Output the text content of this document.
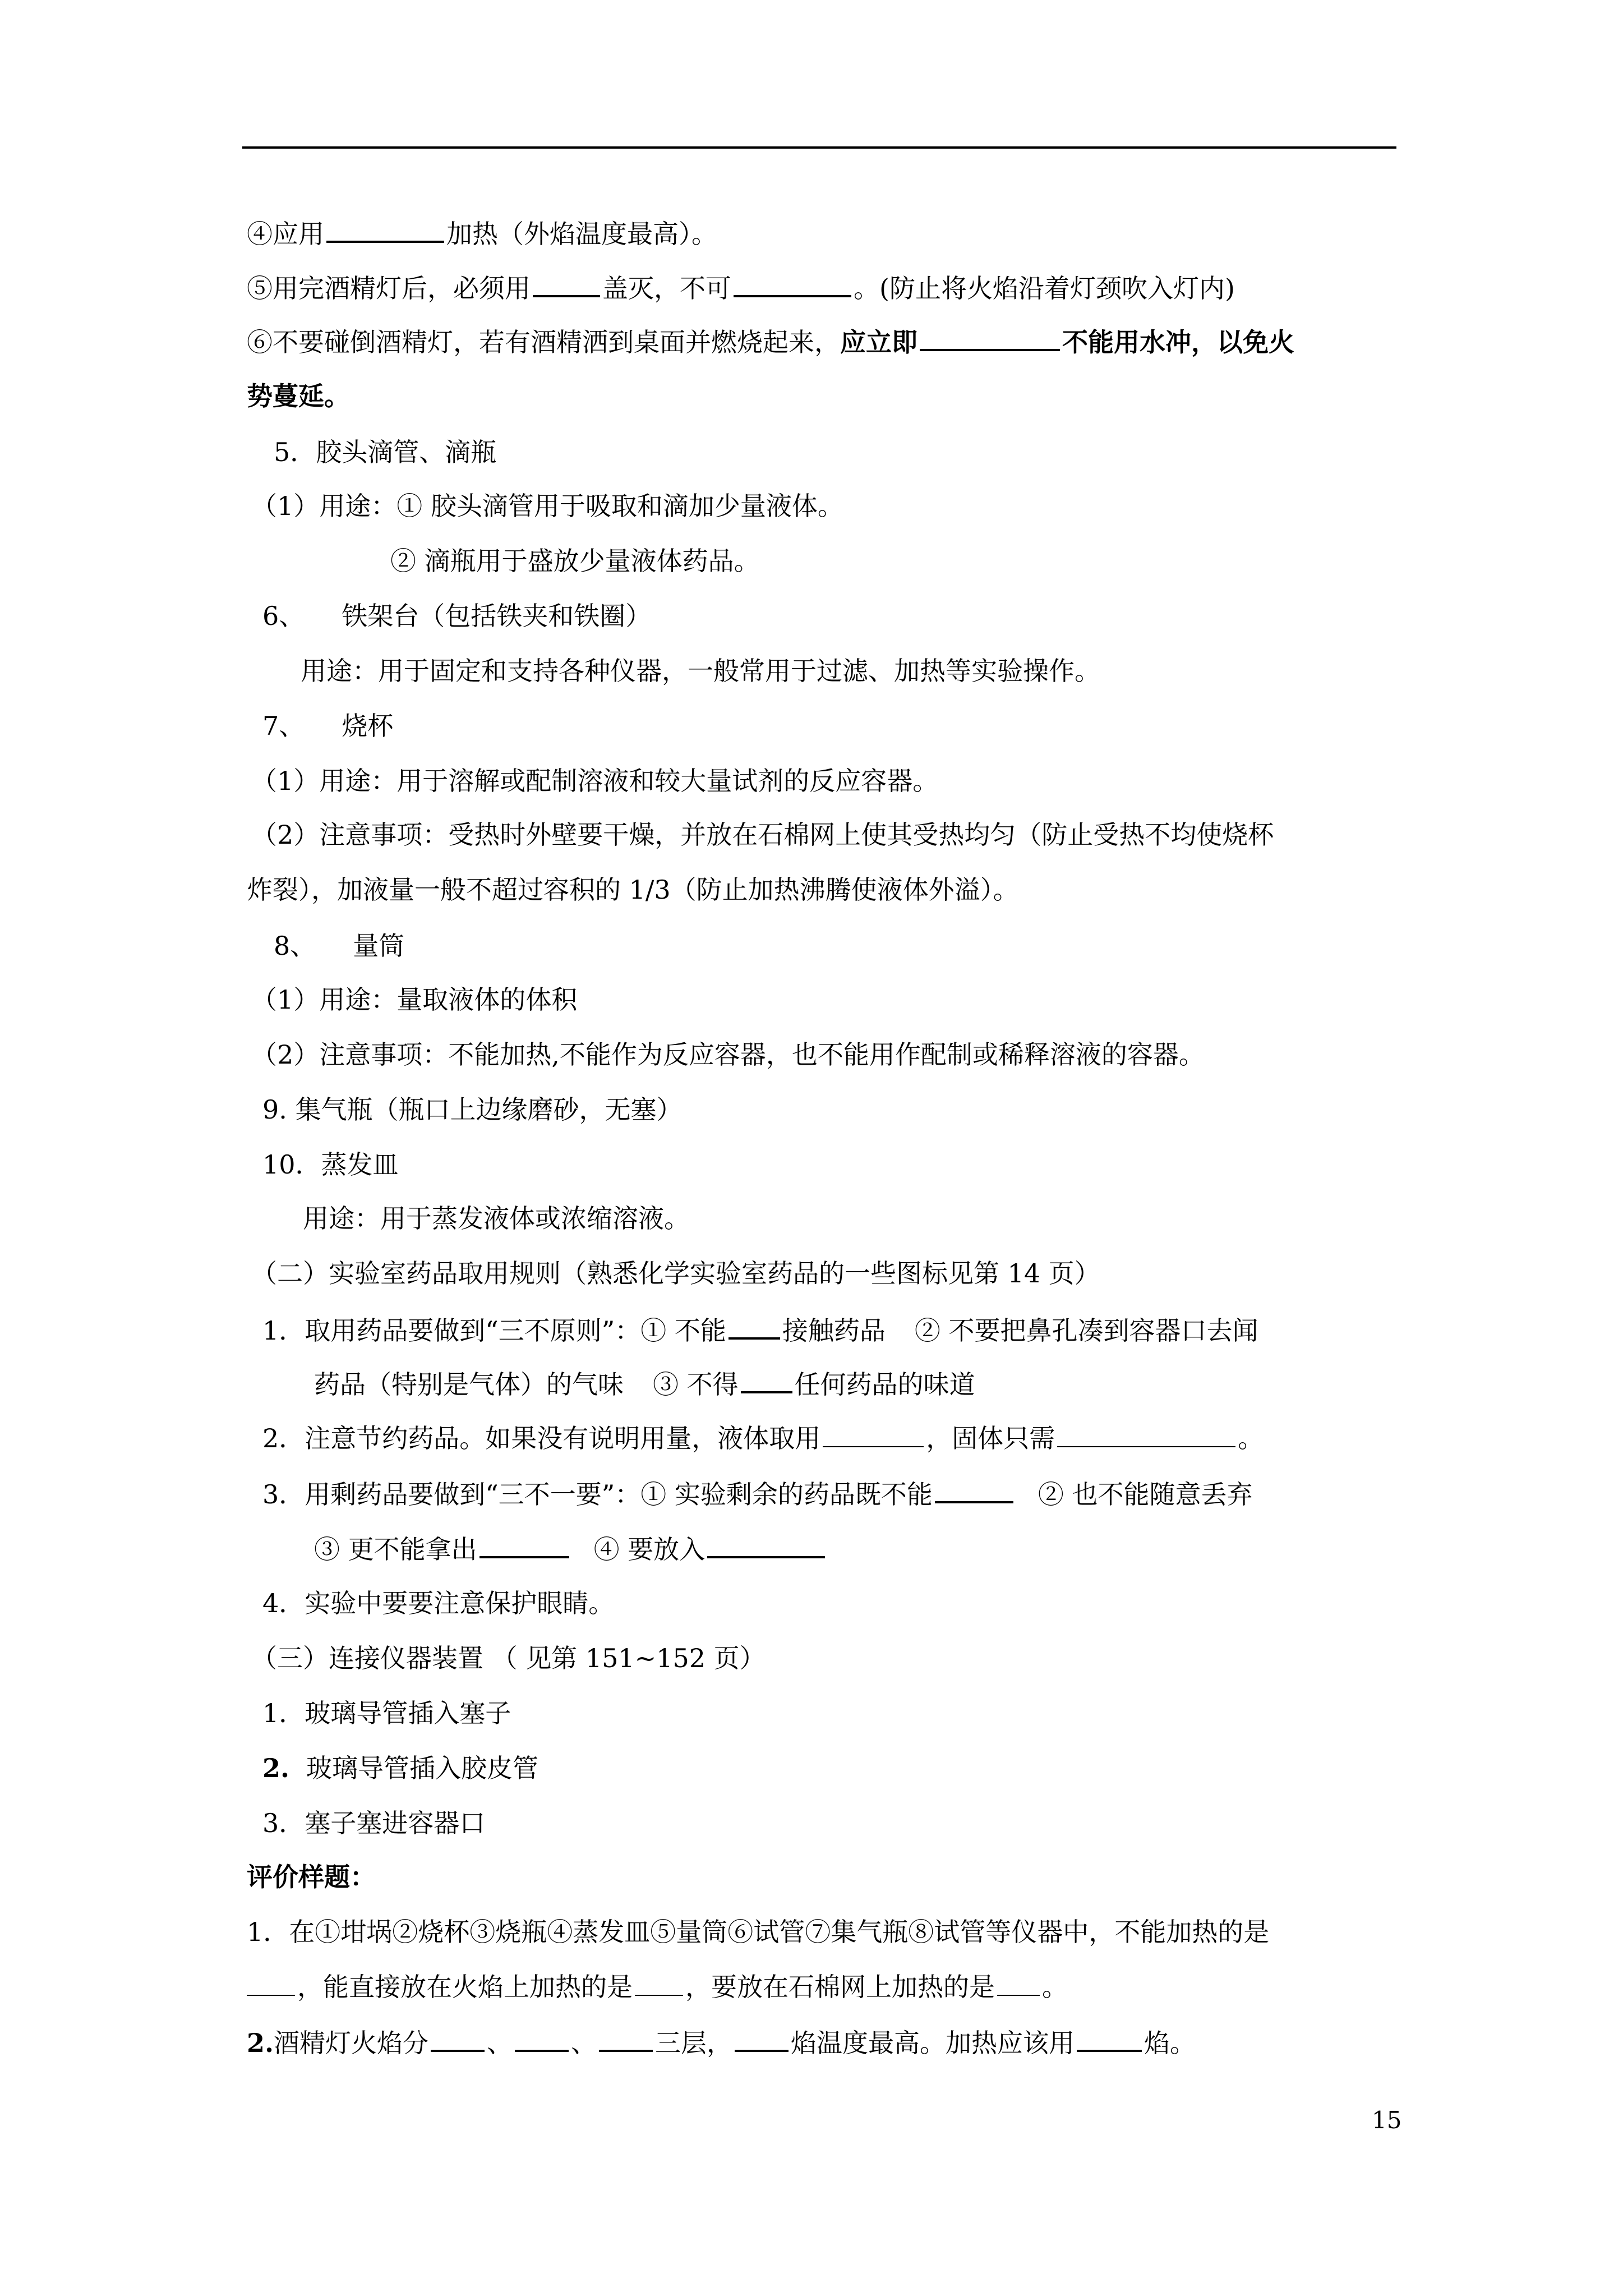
④应用	加热（外焰温度最高）。
⑤用完酒精灯后，必须用	盖灭，不可	。(防止将火焰沿着灯颈吹入灯内)
⑥不要碰倒酒精灯，若有酒精洒到桌面并燃烧起来，应立即	不能用水冲，以免火
势蔓延。
5．胶头滴管、滴瓶
（1）用途：① 胶头滴管用于吸取和滴加少量液体。
② 滴瓶用于盛放少量液体药品。
6、 铁架台（包括铁夹和铁圈）
用途：用于固定和支持各种仪器，一般常用于过滤、加热等实验操作。
7、 烧杯
（1）用途：用于溶解或配制溶液和较大量试剂的反应容器。
（2）注意事项：受热时外壁要干燥，并放在石棉网上使其受热均匀（防止受热不均使烧杯
炸裂），加液量一般不超过容积的 1/3（防止加热沸腾使液体外溢）。
8、 量筒
（1）用途：量取液体的体积
（2）注意事项：不能加热,不能作为反应容器，也不能用作配制或稀释溶液的容器。
9. 集气瓶（瓶口上边缘磨砂，无塞）
10．蒸发皿
用途：用于蒸发液体或浓缩溶液。
（二）实验室药品取用规则（熟悉化学实验室药品的一些图标见第 14 页）
1．取用药品要做到“三不原则”：① 不能 接触药品 ② 不要把鼻孔凑到容器口去闻
药品（特别是气体）的气味 ③ 不得 任何药品的味道
2．注意节约药品。如果没有说明用量，液体取用	，固体只需	。
3．用剩药品要做到“三不一要”：① 实验剩余的药品既不能	② 也不能随意丢弃
③ 更不能拿出	④ 要放入
4．实验中要要注意保护眼睛。
（三）连接仪器装置 （ 见第 151~152 页）
1．玻璃导管插入塞子
2. 玻璃导管插入胶皮管
3．塞子塞进容器口
评价样题：
1．在①坩埚②烧杯③烧瓶④蒸发皿⑤量筒⑥试管⑦集气瓶⑧试管等仪器中，不能加热的是
，能直接放在火焰上加热的是 ，要放在石棉网上加热的是 。
2.酒精灯火焰分 、 、 三层， 焰温度最高。加热应该用	焰。
15
